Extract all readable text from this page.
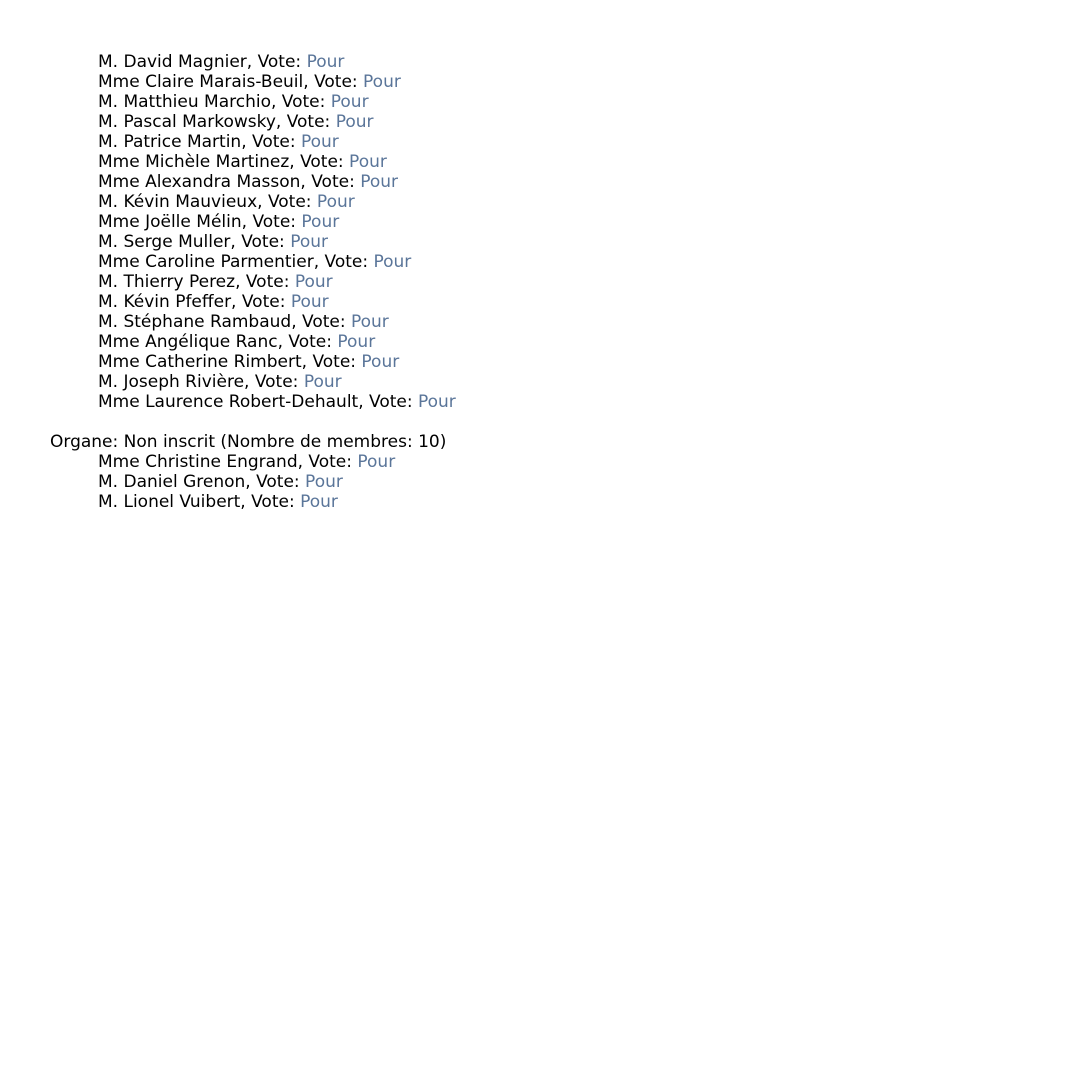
M. David Magnier, Vote: Pour
Mme Claire Marais-Beuil, Vote: Pour
M. Matthieu Marchio, Vote: Pour
M. Pascal Markowsky, Vote: Pour
M. Patrice Martin, Vote: Pour
Mme Michèle Martinez, Vote: Pour
Mme Alexandra Masson, Vote: Pour
M. Kévin Mauvieux, Vote: Pour
Mme Joëlle Mélin, Vote: Pour
M. Serge Muller, Vote: Pour
Mme Caroline Parmentier, Vote: Pour
M. Thierry Perez, Vote: Pour
M. Kévin Pfeffer, Vote: Pour
M. Stéphane Rambaud, Vote: Pour
Mme Angélique Ranc, Vote: Pour
Mme Catherine Rimbert, Vote: Pour
M. Joseph Rivière, Vote: Pour
Mme Laurence Robert-Dehault, Vote: Pour
Organe: Non inscrit (Nombre de membres: 10)
Mme Christine Engrand, Vote: Pour
M. Daniel Grenon, Vote: Pour
M. Lionel Vuibert, Vote: Pour
